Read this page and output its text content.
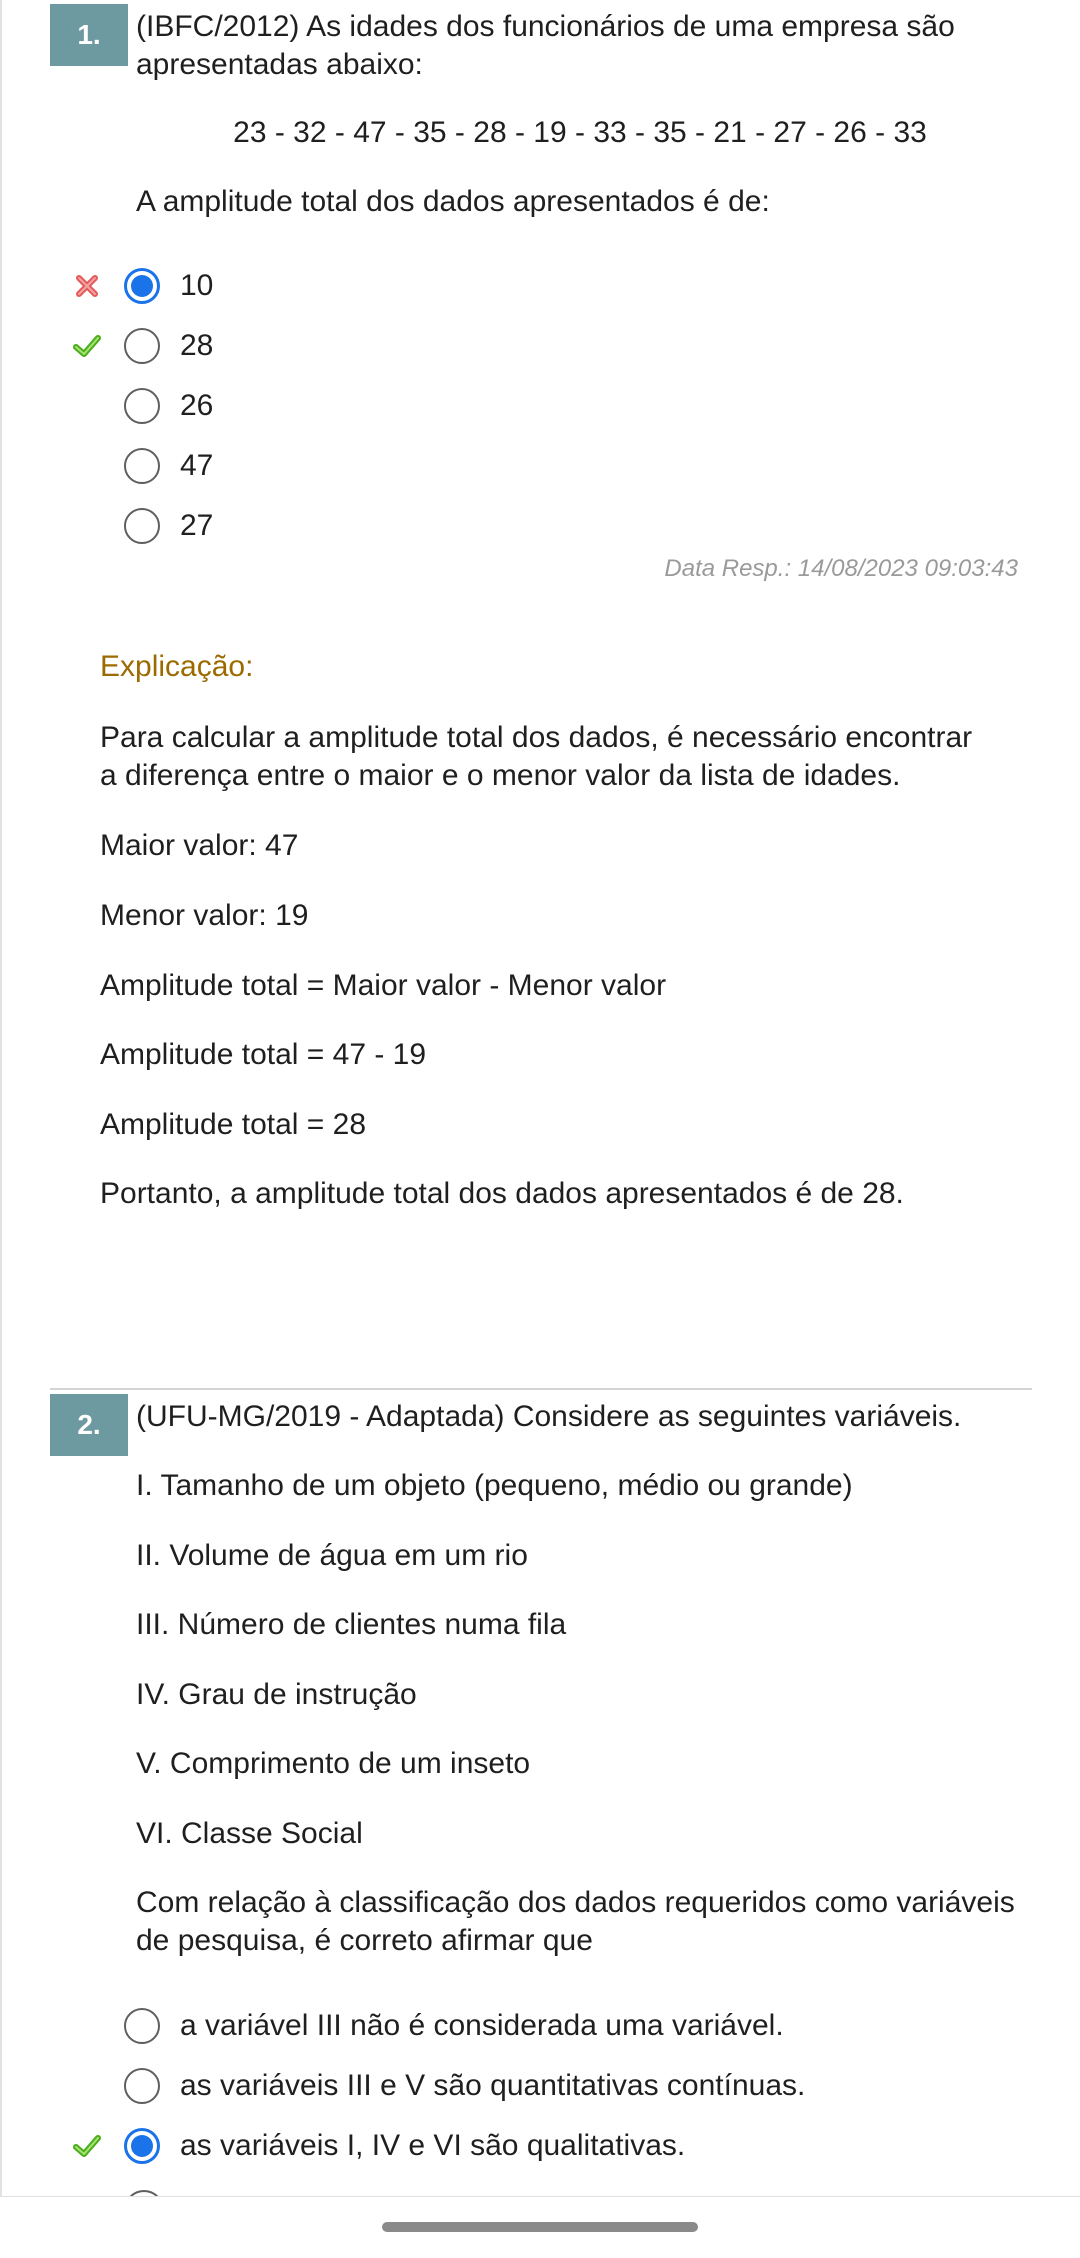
1.	(IBFC/2012) As idades dos funcionários de uma empresa são apresentadas abaixo:
23 - 32 - 47 - 35 - 28 - 19 - 33 - 35 - 21 - 27 - 26 - 33
A amplitude total dos dados apresentados é de:
10
28
26
47
27
Data Resp.: 14/08/2023 09:03:43
Explicação:
Para calcular a amplitude total dos dados, é necessário encontrar a diferença entre o maior e o menor valor da lista de idades.
Maior valor: 47
Menor valor: 19
Amplitude total = Maior valor - Menor valor
Amplitude total = 47 - 19
Amplitude total = 28
Portanto, a amplitude total dos dados apresentados é de 28.
2.	(UFU-MG/2019 - Adaptada) Considere as seguintes variáveis.
I. Tamanho de um objeto (pequeno, médio ou grande)
II. Volume de água em um rio
III. Número de clientes numa fila
IV. Grau de instrução
V. Comprimento de um inseto
VI. Classe Social
Com relação à classificação dos dados requeridos como variáveis de pesquisa, é correto afirmar que
a variável III não é considerada uma variável.
as variáveis III e V são quantitativas contínuas.
as variáveis I, IV e VI são qualitativas.
